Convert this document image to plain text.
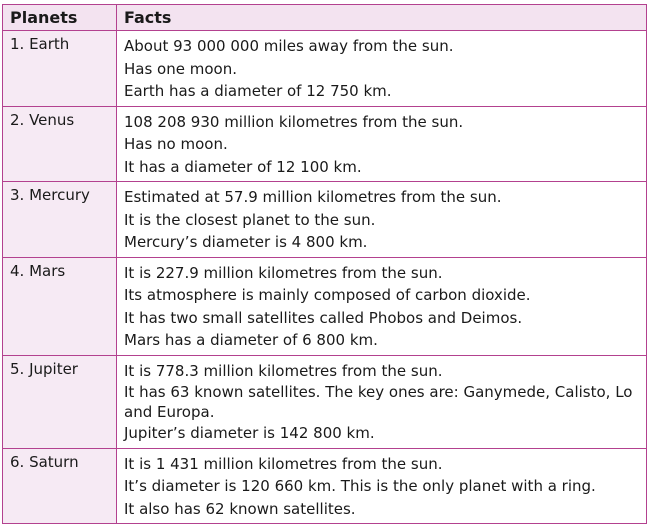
Planets	Facts
1. Earth	About 93 000 000 miles away from the sun.
Has one moon.
Earth has a diameter of 12 750 km.

2. Venus	108 208 930 million kilometres from the sun.
Has no moon.
It has a diameter of 12 100 km.

3. Mercury	Estimated at 57.9 million kilometres from the sun.
It is the closest planet to the sun.
Mercury’s diameter is 4 800 km.

4. Mars	It is 227.9 million kilometres from the sun.
Its atmosphere is mainly composed of carbon dioxide.
It has two small satellites called Phobos and Deimos.
Mars has a diameter of 6 800 km.

5. Jupiter	It is 778.3 million kilometres from the sun.
It has 63 known satellites. The key ones are: Ganymede, Calisto, Lo and Europa.
Jupiter’s diameter is 142 800 km.

6. Saturn	It is 1 431 million kilometres from the sun.
It’s diameter is 120 660 km. This is the only planet with a ring.
It also has 62 known satellites.
